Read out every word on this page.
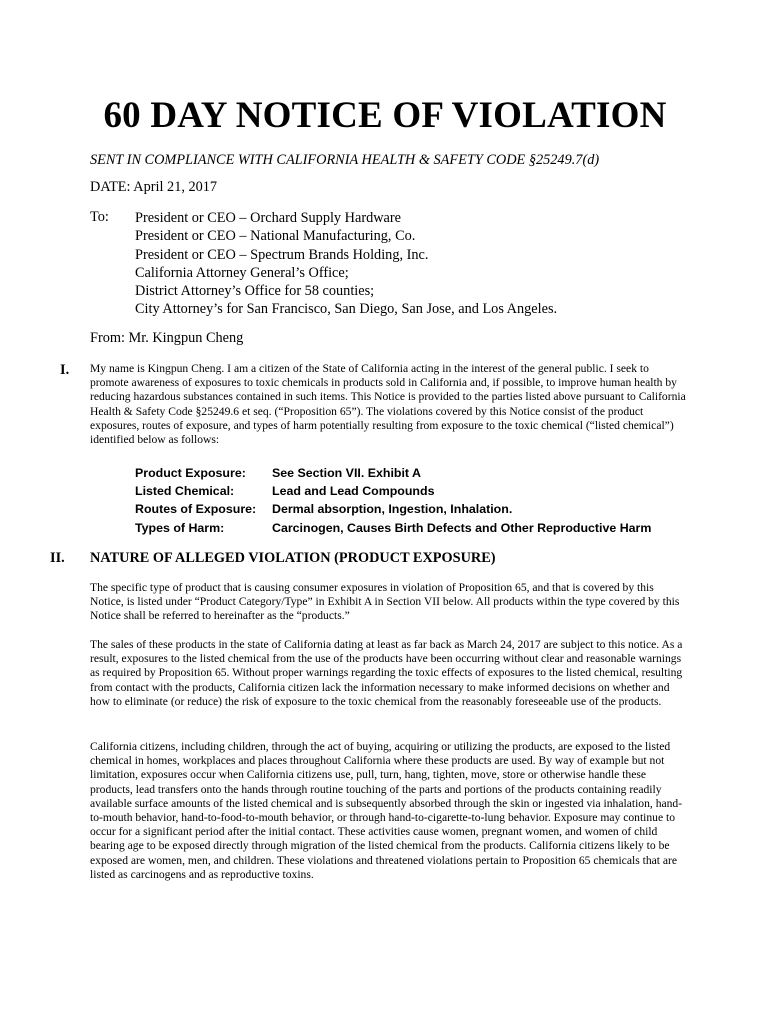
60 DAY NOTICE OF VIOLATION

SENT IN COMPLIANCE WITH CALIFORNIA HEALTH & SAFETY CODE §25249.7(d)

DATE: April 21, 2017

To: President or CEO – Orchard Supply Hardware
President or CEO – National Manufacturing, Co.
President or CEO – Spectrum Brands Holding, Inc.
California Attorney General’s Office;
District Attorney’s Office for 58 counties;
City Attorney’s for San Francisco, San Diego, San Jose, and Los Angeles.

From: Mr. Kingpun Cheng

I. My name is Kingpun Cheng. I am a citizen of the State of California acting in the interest of the general public. I seek to promote awareness of exposures to toxic chemicals in products sold in California and, if possible, to improve human health by reducing hazardous substances contained in such items. This Notice is provided to the parties listed above pursuant to California Health & Safety Code §25249.6 et seq. (“Proposition 65”). The violations covered by this Notice consist of the product exposures, routes of exposure, and types of harm potentially resulting from exposure to the toxic chemical (“listed chemical”) identified below as follows:

Product Exposure:	See Section VII. Exhibit A
Listed Chemical:	Lead and Lead Compounds
Routes of Exposure:	Dermal absorption, Ingestion, Inhalation.
Types of Harm:	Carcinogen, Causes Birth Defects and Other Reproductive Harm
II. NATURE OF ALLEGED VIOLATION (PRODUCT EXPOSURE)

The specific type of product that is causing consumer exposures in violation of Proposition 65, and that is covered by this Notice, is listed under “Product Category/Type” in Exhibit A in Section VII below. All products within the type covered by this Notice shall be referred to hereinafter as the “products.”

The sales of these products in the state of California dating at least as far back as March 24, 2017 are subject to this notice. As a result, exposures to the listed chemical from the use of the products have been occurring without clear and reasonable warnings as required by Proposition 65. Without proper warnings regarding the toxic effects of exposures to the listed chemical, resulting from contact with the products, California citizen lack the information necessary to make informed decisions on whether and how to eliminate (or reduce) the risk of exposure to the toxic chemical from the reasonably foreseeable use of the products.

California citizens, including children, through the act of buying, acquiring or utilizing the products, are exposed to the listed chemical in homes, workplaces and places throughout California where these products are used. By way of example but not limitation, exposures occur when California citizens use, pull, turn, hang, tighten, move, store or otherwise handle these products, lead transfers onto the hands through routine touching of the parts and portions of the products containing readily available surface amounts of the listed chemical and is subsequently absorbed through the skin or ingested via inhalation, hand-to-mouth behavior, hand-to-food-to-mouth behavior, or through hand-to-cigarette-to-lung behavior. Exposure may continue to occur for a significant period after the initial contact. These activities cause women, pregnant women, and women of child bearing age to be exposed directly through migration of the listed chemical from the products. California citizens likely to be exposed are women, men, and children. These violations and threatened violations pertain to Proposition 65 chemicals that are listed as carcinogens and as reproductive toxins.
